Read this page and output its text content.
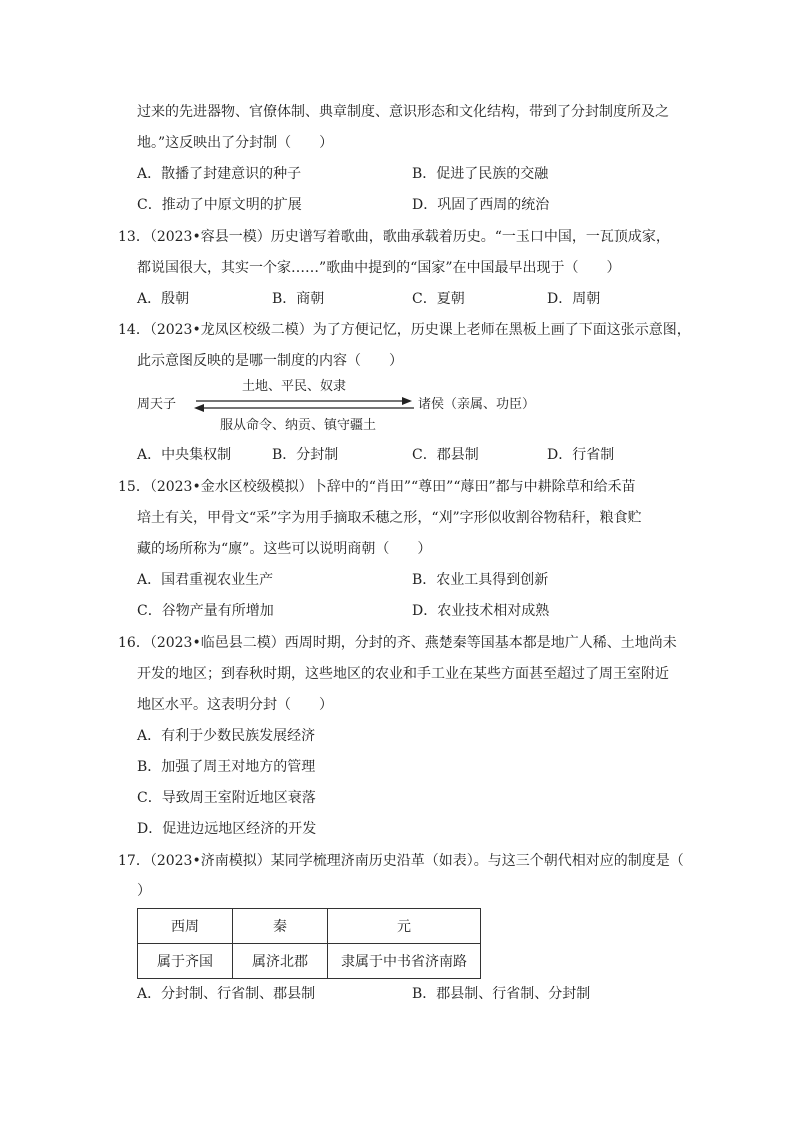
过来的先进器物、官僚体制、典章制度、意识形态和文化结构，带到了分封制度所及之
地。”这反映出了分封制（　　）
A．散播了封建意识的种子	B．促进了民族的交融
C．推动了中原文明的扩展	D．巩固了西周的统治
13．（2023•容县一模）历史谱写着歌曲，歌曲承载着历史。“一玉口中国，一瓦顶成家，
都说国很大，其实一个家……”歌曲中提到的“国家”在中国最早出现于（　　）
A．殷朝	B．商朝	C．夏朝	D．周朝
14．（2023•龙凤区校级二模）为了方便记忆，历史课上老师在黑板上画了下面这张示意图，
此示意图反映的是哪一制度的内容（　　）
土地、平民、奴隶
周天子	诸侯（亲属、功臣）
服从命令、纳贡、镇守疆土
A．中央集权制	B．分封制	C．郡县制	D．行省制
15．（2023•金水区校级模拟）卜辞中的“肖田”“尊田”“蓐田”都与中耕除草和给禾苗
培土有关，甲骨文“采”字为用手摘取禾穗之形，“刈”字形似收割谷物秸秆，粮食贮
藏的场所称为“廪”。这些可以说明商朝（　　）
A．国君重视农业生产	B．农业工具得到创新
C．谷物产量有所增加	D．农业技术相对成熟
16．（2023•临邑县二模）西周时期，分封的齐、燕楚秦等国基本都是地广人稀、土地尚未
开发的地区；到春秋时期，这些地区的农业和手工业在某些方面甚至超过了周王室附近
地区水平。这表明分封（　　）
A．有利于少数民族发展经济
B．加强了周王对地方的管理
C．导致周王室附近地区衰落
D．促进边远地区经济的开发
17．（2023•济南模拟）某同学梳理济南历史沿革（如表）。与这三个朝代相对应的制度是（
）
西周	秦	元
属于齐国	属济北郡	隶属于中书省济南路
A．分封制、行省制、郡县制	B．郡县制、行省制、分封制
